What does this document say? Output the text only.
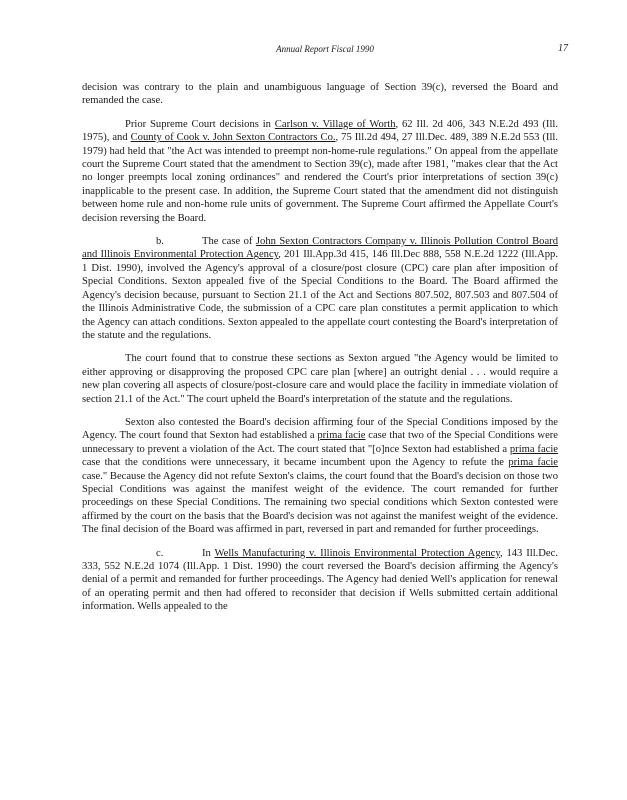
Annual Report Fiscal 1990	17

decision was contrary to the plain and unambiguous language of Section 39(c), reversed the Board and remanded the case.

Prior Supreme Court decisions in Carlson v. Village of Worth, 62 Ill. 2d 406, 343 N.E.2d 493 (Ill. 1975), and County of Cook v. John Sexton Contractors Co., 75 Ill.2d 494, 27 Ill.Dec. 489, 389 N.E.2d 553 (Ill. 1979) had held that "the Act was intended to preempt non-home-rule regulations." On appeal from the appellate court the Supreme Court stated that the amendment to Section 39(c), made after 1981, "makes clear that the Act no longer preempts local zoning ordinances" and rendered the Court's prior interpretations of section 39(c) inapplicable to the present case. In addition, the Supreme Court stated that the amendment did not distinguish between home rule and non-home rule units of government. The Supreme Court affirmed the Appellate Court's decision reversing the Board.

b.	The case of John Sexton Contractors Company v. Illinois Pollution Control Board and Illinois Environmental Protection Agency, 201 Ill.App.3d 415, 146 Ill.Dec 888, 558 N.E.2d 1222 (Ill.App. 1 Dist. 1990), involved the Agency's approval of a closure/post closure (CPC) care plan after imposition of Special Conditions. Sexton appealed five of the Special Conditions to the Board. The Board affirmed the Agency's decision because, pursuant to Section 21.1 of the Act and Sections 807.502, 807.503 and 807.504 of the Illinois Administrative Code, the submission of a CPC care plan constitutes a permit application to which the Agency can attach conditions. Sexton appealed to the appellate court contesting the Board's interpretation of the statute and the regulations.

The court found that to construe these sections as Sexton argued "the Agency would be limited to either approving or disapproving the proposed CPC care plan [where] an outright denial . . . would require a new plan covering all aspects of closure/post-closure care and would place the facility in immediate violation of section 21.1 of the Act." The court upheld the Board's interpretation of the statute and the regulations.

Sexton also contested the Board's decision affirming four of the Special Conditions imposed by the Agency. The court found that Sexton had established a prima facie case that two of the Special Conditions were unnecessary to prevent a violation of the Act. The court stated that "[o]nce Sexton had established a prima facie case that the conditions were unnecessary, it became incumbent upon the Agency to refute the prima facie case." Because the Agency did not refute Sexton's claims, the court found that the Board's decision on those two Special Conditions was against the manifest weight of the evidence. The court remanded for further proceedings on these Special Conditions. The remaining two special conditions which Sexton contested were affirmed by the court on the basis that the Board's decision was not against the manifest weight of the evidence. The final decision of the Board was affirmed in part, reversed in part and remanded for further proceedings.

c.	In Wells Manufacturing v. Illinois Environmental Protection Agency, 143 Ill.Dec. 333, 552 N.E.2d 1074 (Ill.App. 1 Dist. 1990) the court reversed the Board's decision affirming the Agency's denial of a permit and remanded for further proceedings. The Agency had denied Well's application for renewal of an operating permit and then had offered to reconsider that decision if Wells submitted certain additional information. Wells appealed to the
